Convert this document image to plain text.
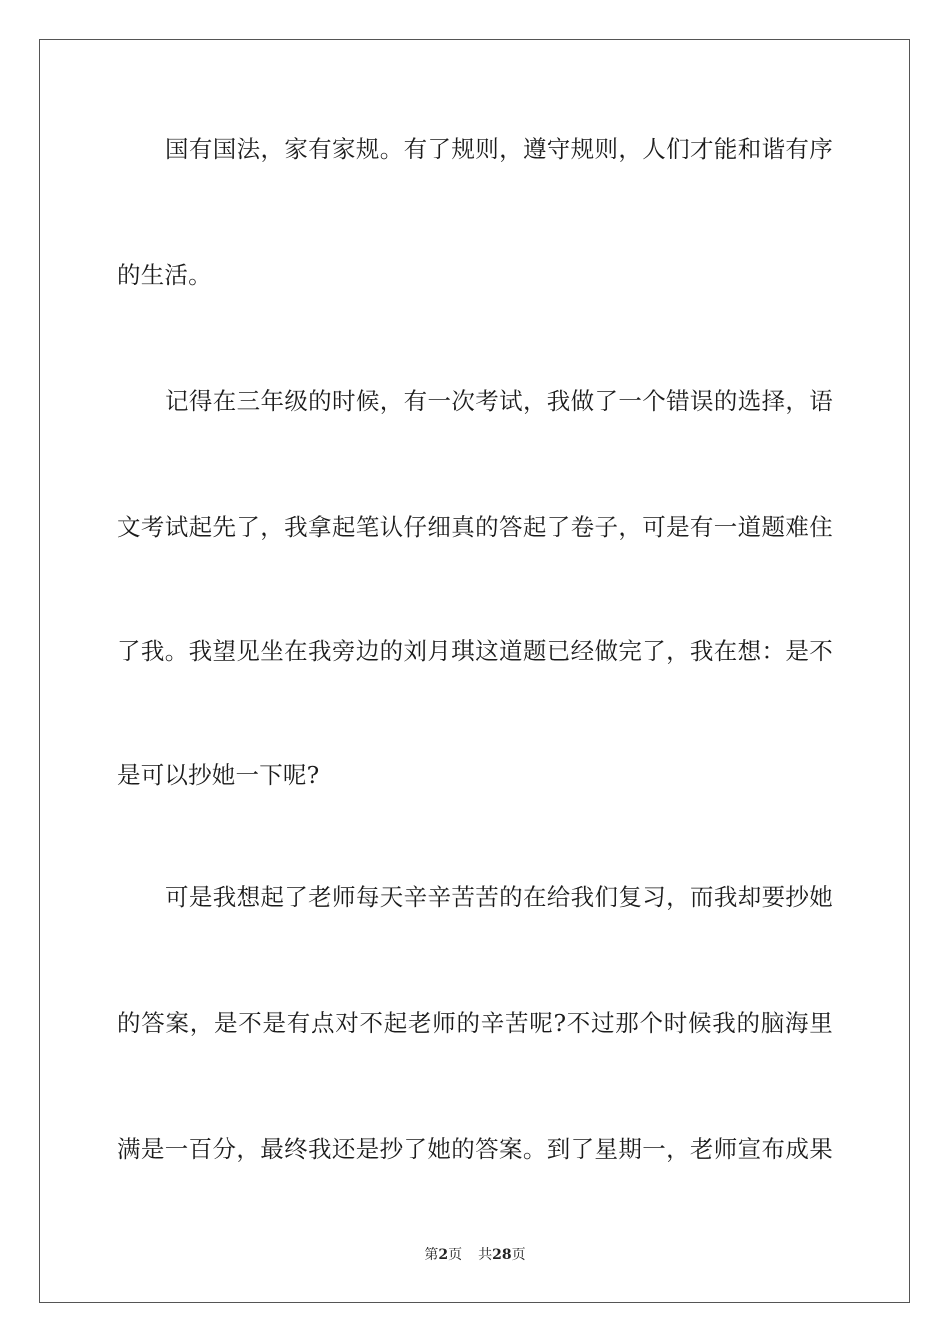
国有国法，家有家规。有了规则，遵守规则，人们才能和谐有序
的生活。
记得在三年级的时候，有一次考试，我做了一个错误的选择，语
文考试起先了，我拿起笔认仔细真的答起了卷子，可是有一道题难住
了我。我望见坐在我旁边的刘月琪这道题已经做完了，我在想：是不
是可以抄她一下呢?
可是我想起了老师每天辛辛苦苦的在给我们复习，而我却要抄她
的答案，是不是有点对不起老师的辛苦呢?不过那个时候我的脑海里
满是一百分，最终我还是抄了她的答案。到了星期一，老师宣布成果
第2页 共28页
